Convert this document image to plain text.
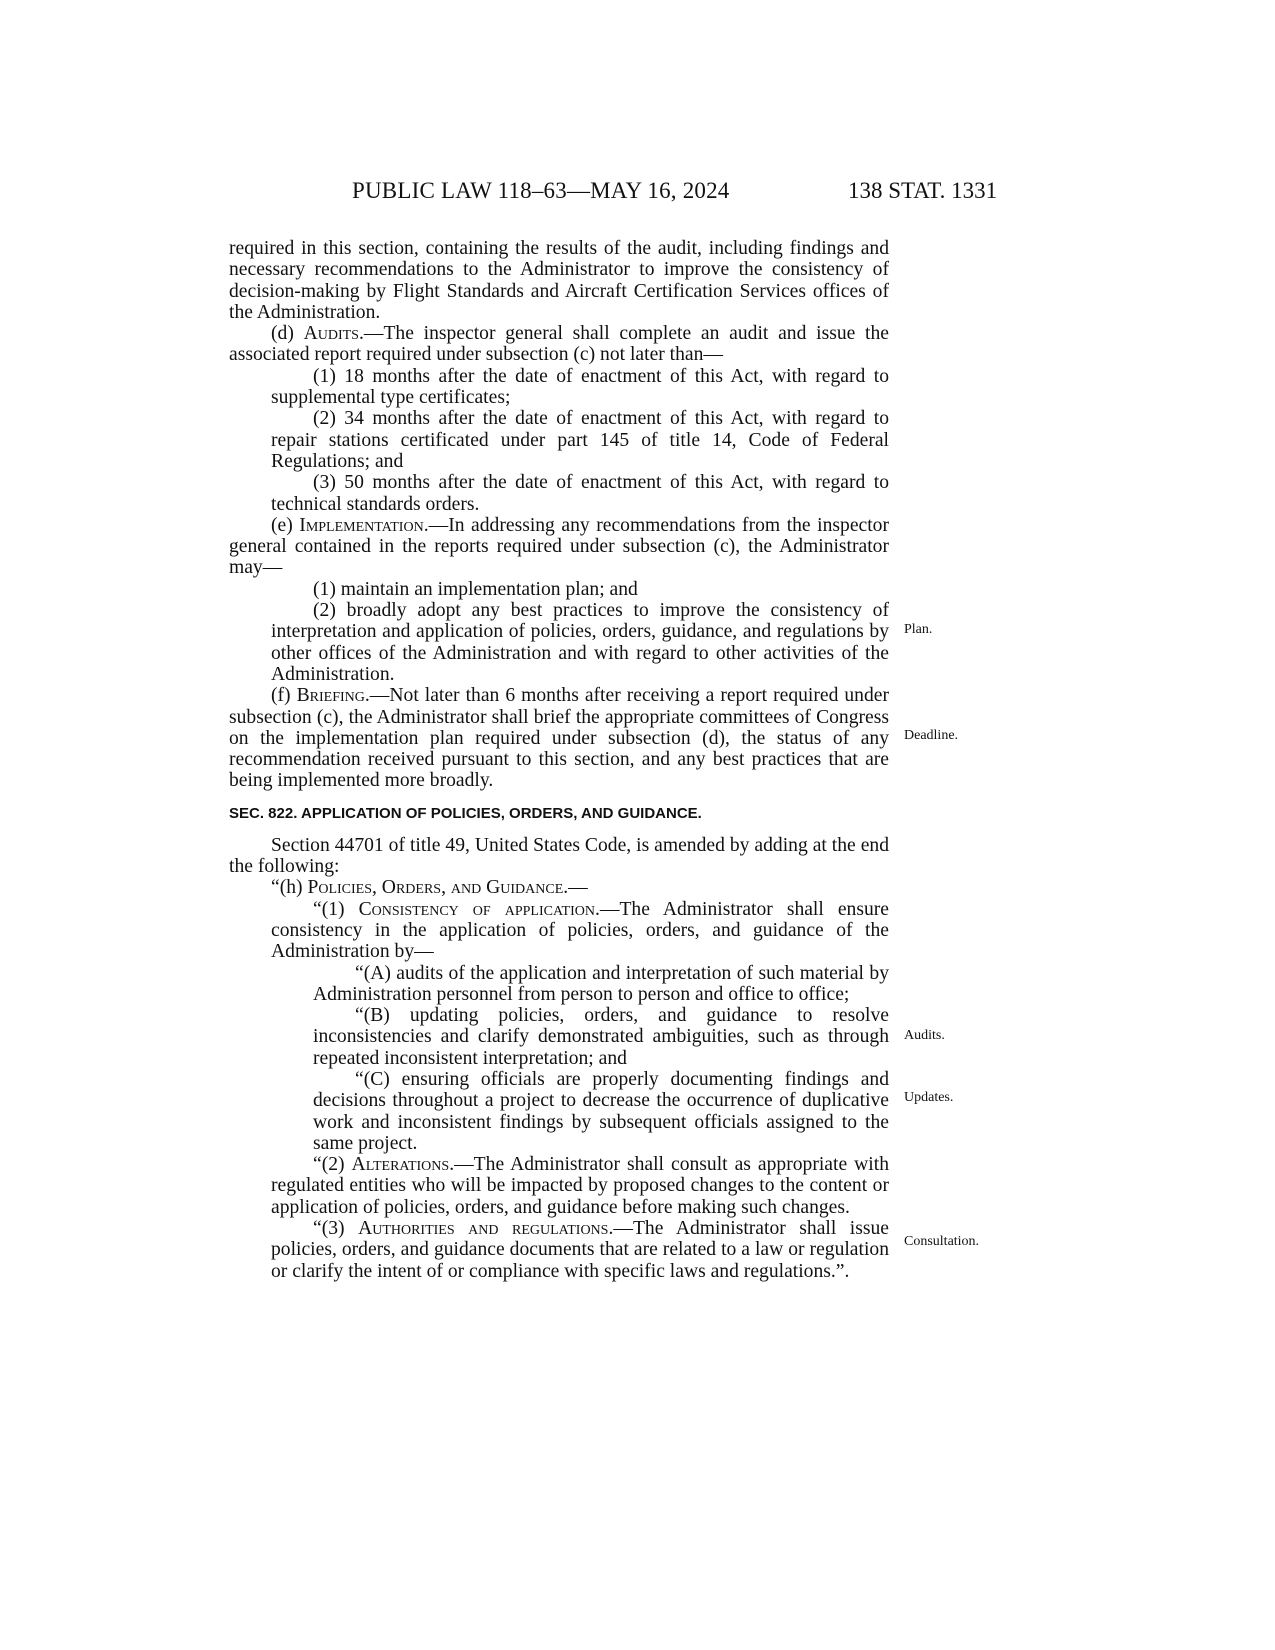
PUBLIC LAW 118–63—MAY 16, 2024	138 STAT. 1331

required in this section, containing the results of the audit, including findings and necessary recommendations to the Administrator to improve the consistency of decision-making by Flight Standards and Aircraft Certification Services offices of the Administration.

(d) Audits.—The inspector general shall complete an audit and issue the associated report required under subsection (c) not later than—

(1) 18 months after the date of enactment of this Act, with regard to supplemental type certificates;

(2) 34 months after the date of enactment of this Act, with regard to repair stations certificated under part 145 of title 14, Code of Federal Regulations; and

(3) 50 months after the date of enactment of this Act, with regard to technical standards orders.

(e) Implementation.—In addressing any recommendations from the inspector general contained in the reports required under subsection (c), the Administrator may—

(1) maintain an implementation plan; and

(2) broadly adopt any best practices to improve the consistency of interpretation and application of policies, orders, guidance, and regulations by other offices of the Administration and with regard to other activities of the Administration.

(f) Briefing.—Not later than 6 months after receiving a report required under subsection (c), the Administrator shall brief the appropriate committees of Congress on the implementation plan required under subsection (d), the status of any recommendation received pursuant to this section, and any best practices that are being implemented more broadly.

SEC. 822. APPLICATION OF POLICIES, ORDERS, AND GUIDANCE.

Section 44701 of title 49, United States Code, is amended by adding at the end the following:

“(h) Policies, Orders, and Guidance.—

“(1) Consistency of application.—The Administrator shall ensure consistency in the application of policies, orders, and guidance of the Administration by—

“(A) audits of the application and interpretation of such material by Administration personnel from person to person and office to office;

“(B) updating policies, orders, and guidance to resolve inconsistencies and clarify demonstrated ambiguities, such as through repeated inconsistent interpretation; and

“(C) ensuring officials are properly documenting findings and decisions throughout a project to decrease the occurrence of duplicative work and inconsistent findings by subsequent officials assigned to the same project.

“(2) Alterations.—The Administrator shall consult as appropriate with regulated entities who will be impacted by proposed changes to the content or application of policies, orders, and guidance before making such changes.

“(3) Authorities and regulations.—The Administrator shall issue policies, orders, and guidance documents that are related to a law or regulation or clarify the intent of or compliance with specific laws and regulations.”.

Plan.
Deadline.
Audits.
Updates.
Consultation.
